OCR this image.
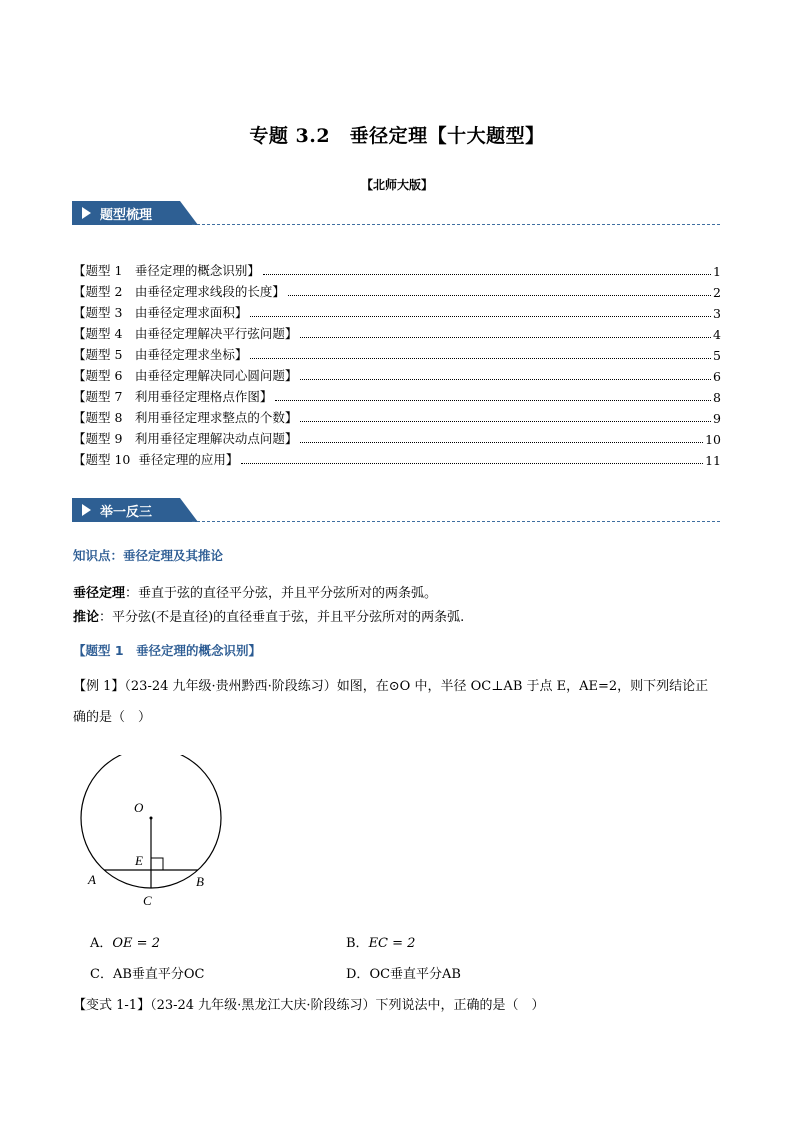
专题 3.2　垂径定理【十大题型】
【北师大版】
题型梳理
【题型 1　垂径定理的概念识别】	1
【题型 2　由垂径定理求线段的长度】	2
【题型 3　由垂径定理求面积】	3
【题型 4　由垂径定理解决平行弦问题】	4
【题型 5　由垂径定理求坐标】	5
【题型 6　由垂径定理解决同心圆问题】	6
【题型 7　利用垂径定理格点作图】	8
【题型 8　利用垂径定理求整点的个数】	9
【题型 9　利用垂径定理解决动点问题】	10
【题型 10  垂径定理的应用】	11
举一反三
知识点：垂径定理及其推论
垂径定理：垂直于弦的直径平分弦，并且平分弦所对的两条弧。
推论：平分弦(不是直径)的直径垂直于弦，并且平分弦所对的两条弧.
【题型 1　垂径定理的概念识别】
【例 1】（23-24 九年级·贵州黔西·阶段练习）如图，在⊙O 中，半径 OC⊥AB 于点 E，AE=2，则下列结论正
确的是（　）
O
E
A	B
C
A．OE = 2	B．EC = 2
C．AB垂直平分OC	D．OC垂直平分AB
【变式 1-1】（23-24 九年级·黑龙江大庆·阶段练习）下列说法中，正确的是（　）
